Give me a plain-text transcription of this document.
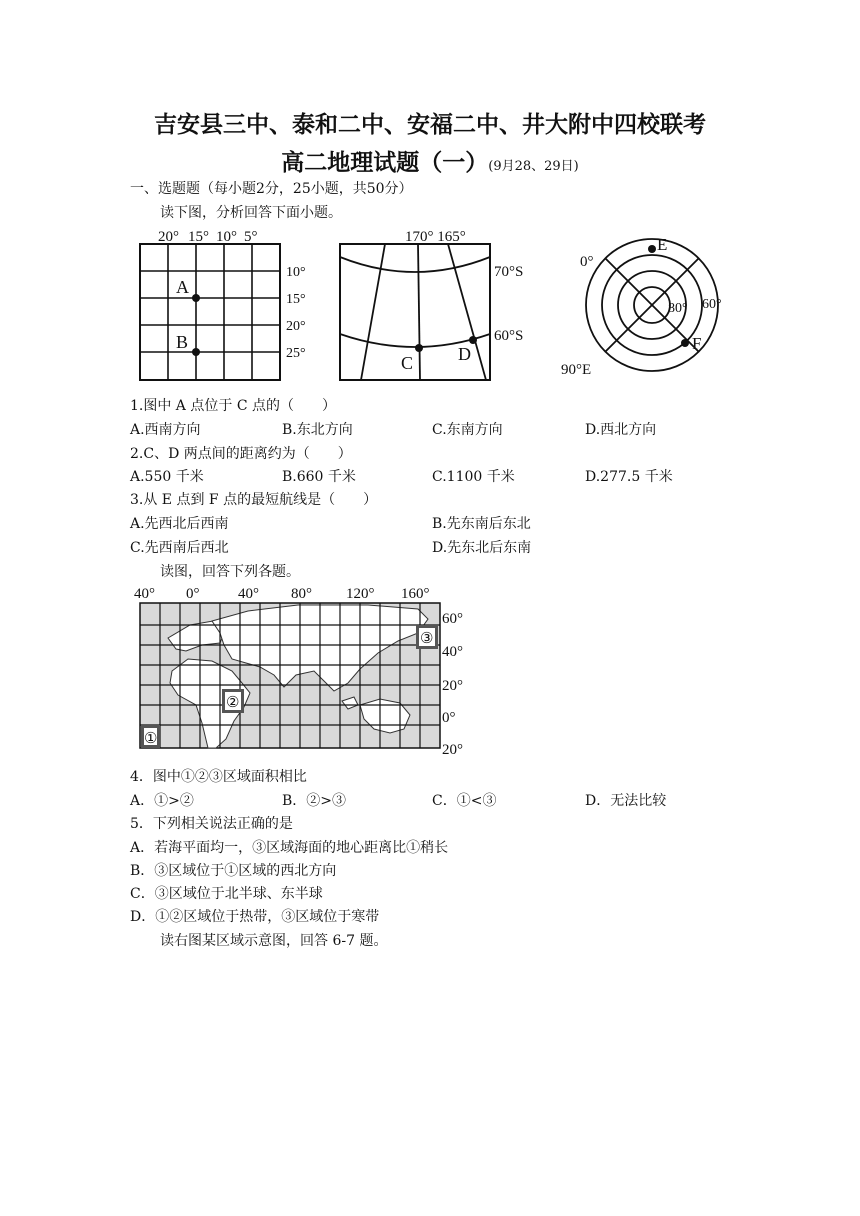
吉安县三中、泰和二中、安福二中、井大附中四校联考
高二地理试题（一）(9月28、29日)
一、选题题（每小题2分，25小题，共50分）
读下图，分析回答下面小题。
20° 15° 10° 5°
10°
15°
20°
25°
A
B
170° 165°
70°S
60°S
C D
0°
E
80° 60°
F
90°E
1.图中 A 点位于 C 点的（　　）
A.西南方向	B.东北方向	C.东南方向	D.西北方向
2.C、D 两点间的距离约为（　　）
A.550 千米	B.660 千米	C.1100 千米	D.277.5 千米
3.从 E 点到 F 点的最短航线是（　　）
A.先西北后西南	B.先东南后东北
C.先西南后西北	D.先东北后东南
读图，回答下列各题。
①
②
③
40° 0°	40° 80° 120° 160°
60°
40°
20°
0°
20°
4．图中①②③区域面积相比
A．①>②	B．②>③	C．①<③	D．无法比较
5．下列相关说法正确的是
A．若海平面均一，③区域海面的地心距离比①稍长
B．③区域位于①区域的西北方向
C．③区域位于北半球、东半球
D．①②区域位于热带，③区域位于寒带
读右图某区域示意图，回答 6-7 题。
